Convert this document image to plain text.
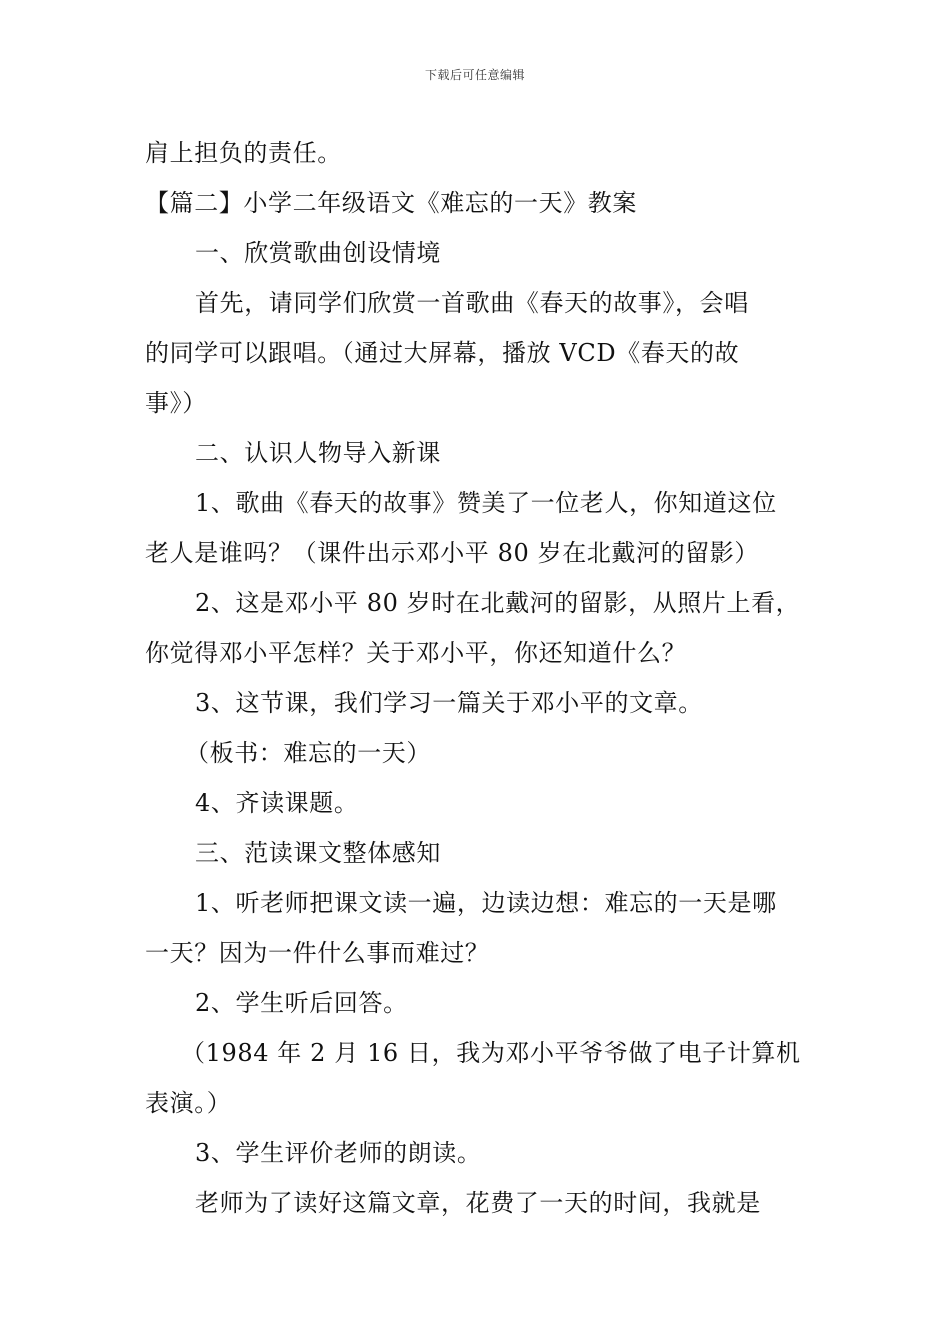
下载后可任意编辑
肩上担负的责任。
【篇二】小学二年级语文《难忘的一天》教案
一、欣赏歌曲创设情境
首先，请同学们欣赏一首歌曲《春天的故事》，会唱
的同学可以跟唱。（通过大屏幕，播放 VCD《春天的故
事》）
二、认识人物导入新课
1、歌曲《春天的故事》赞美了一位老人，你知道这位
老人是谁吗？（课件出示邓小平 80 岁在北戴河的留影）
2、这是邓小平 80 岁时在北戴河的留影，从照片上看，
你觉得邓小平怎样？关于邓小平，你还知道什么？
3、这节课，我们学习一篇关于邓小平的文章。
（板书：难忘的一天）
4、齐读课题。
三、范读课文整体感知
1、听老师把课文读一遍，边读边想：难忘的一天是哪
一天？因为一件什么事而难过？
2、学生听后回答。
（1984 年 2 月 16 日，我为邓小平爷爷做了电子计算机
表演。）
3、学生评价老师的朗读。
老师为了读好这篇文章，花费了一天的时间，我就是
